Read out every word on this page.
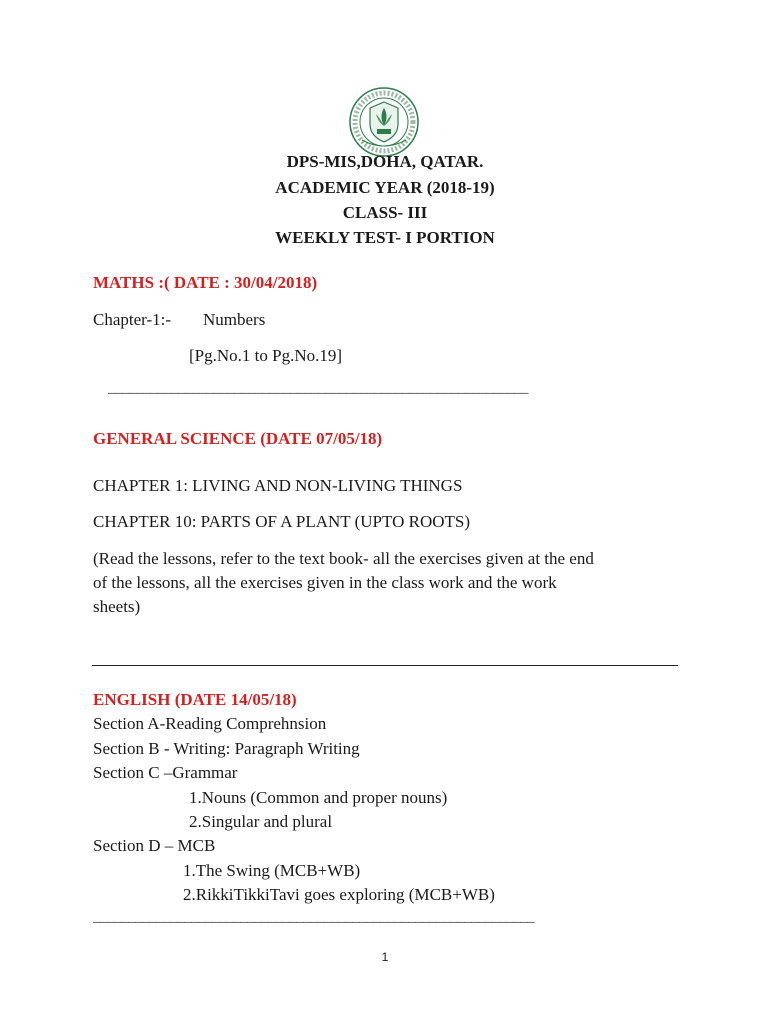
DPS-MIS,DOHA, QATAR.
ACADEMIC YEAR (2018-19)
CLASS- III
WEEKLY TEST- I PORTION
MATHS :( DATE : 30/04/2018)
Chapter-1:- Numbers
[Pg.No.1 to Pg.No.19]
____________________________________________________________
GENERAL SCIENCE (DATE 07/05/18)
CHAPTER 1: LIVING AND NON-LIVING THINGS
CHAPTER 10: PARTS OF A PLANT (UPTO ROOTS)
(Read the lessons, refer to the text book- all the exercises given at the end
of the lessons, all the exercises given in the class work and the work
sheets)
ENGLISH (DATE 14/05/18)
Section A-Reading Comprehnsion
Section B - Writing: Paragraph Writing
Section C –Grammar
1.Nouns (Common and proper nouns)
2.Singular and plural
Section D – MCB
1.The Swing (MCB+WB)
2.RikkiTikkiTavi goes exploring (MCB+WB)
_______________________________________________________________
1
